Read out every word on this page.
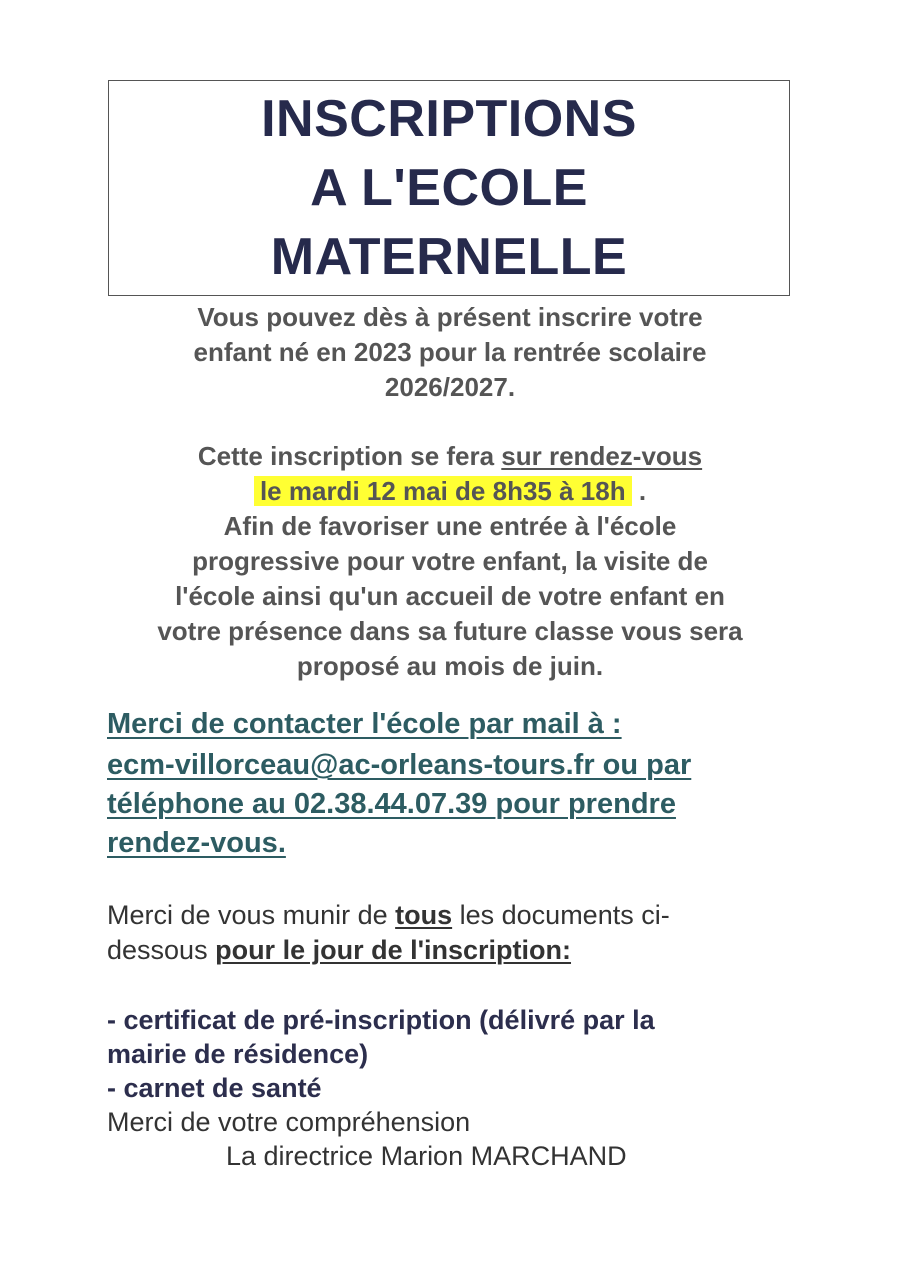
INSCRIPTIONS
A L'ECOLE
MATERNELLE
Vous pouvez dès à présent inscrire votre
enfant né en 2023 pour la rentrée scolaire
2026/2027.
Cette inscription se fera sur rendez-vous
le mardi 12 mai de 8h35 à 18h .
Afin de favoriser une entrée à l'école
progressive pour votre enfant, la visite de
l'école ainsi qu'un accueil de votre enfant en
votre présence dans sa future classe vous sera
proposé au mois de juin.
Merci de contacter l'école par mail à :
ecm-villorceau@ac-orleans-tours.fr ou par
téléphone au 02.38.44.07.39 pour prendre
rendez-vous.
Merci de vous munir de tous les documents ci-
dessous pour le jour de l'inscription:
- certificat de pré-inscription (délivré par la
mairie de résidence)
- carnet de santé
Merci de votre compréhension
La directrice Marion MARCHAND
